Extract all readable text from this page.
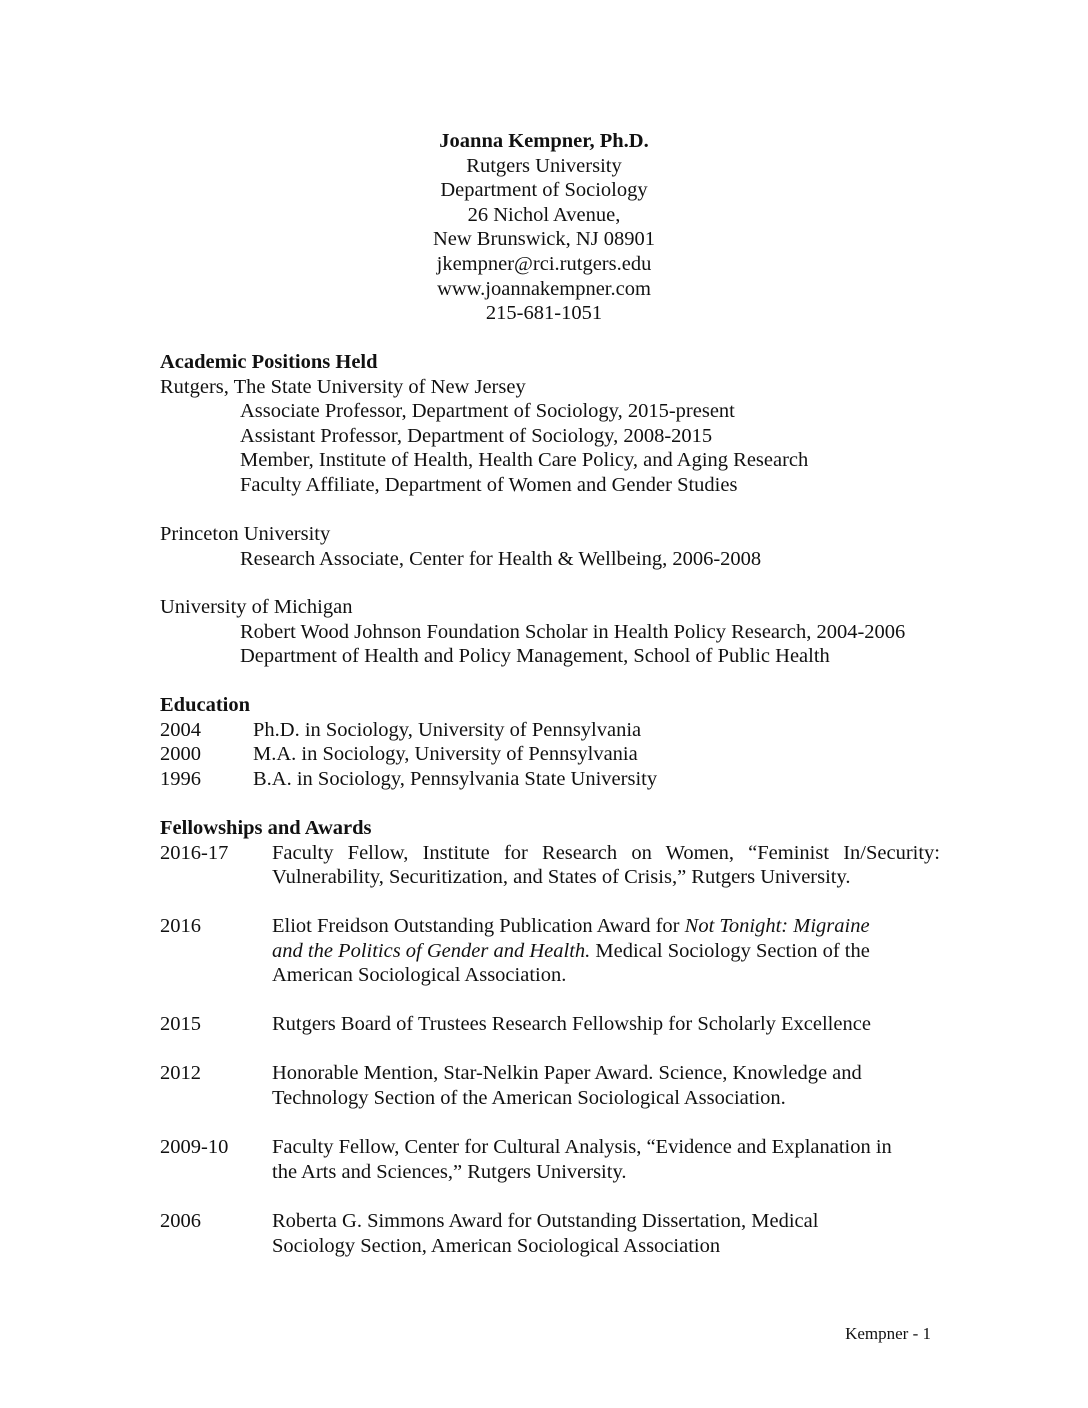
Joanna Kempner, Ph.D.
Rutgers University
Department of Sociology
26 Nichol Avenue,
New Brunswick, NJ 08901
jkempner@rci.rutgers.edu
www.joannakempner.com
215-681-1051
Academic Positions Held
Rutgers, The State University of New Jersey
Associate Professor, Department of Sociology, 2015-present
Assistant Professor, Department of Sociology, 2008-2015
Member, Institute of Health, Health Care Policy, and Aging Research
Faculty Affiliate, Department of Women and Gender Studies
Princeton University
Research Associate, Center for Health & Wellbeing, 2006-2008
University of Michigan
Robert Wood Johnson Foundation Scholar in Health Policy Research, 2004-2006
Department of Health and Policy Management, School of Public Health
Education
2004	Ph.D. in Sociology, University of Pennsylvania
2000	M.A. in Sociology, University of Pennsylvania
1996	B.A. in Sociology, Pennsylvania State University
Fellowships and Awards
2016-17	Faculty Fellow, Institute for Research on Women, “Feminist In/Security:
Vulnerability, Securitization, and States of Crisis,” Rutgers University.
2016	Eliot Freidson Outstanding Publication Award for Not Tonight: Migraine
and the Politics of Gender and Health. Medical Sociology Section of the
American Sociological Association.
2015	Rutgers Board of Trustees Research Fellowship for Scholarly Excellence
2012	Honorable Mention, Star-Nelkin Paper Award. Science, Knowledge and
Technology Section of the American Sociological Association.
2009-10	Faculty Fellow, Center for Cultural Analysis, “Evidence and Explanation in
the Arts and Sciences,” Rutgers University.
2006	Roberta G. Simmons Award for Outstanding Dissertation, Medical
Sociology Section, American Sociological Association
Kempner - 1
